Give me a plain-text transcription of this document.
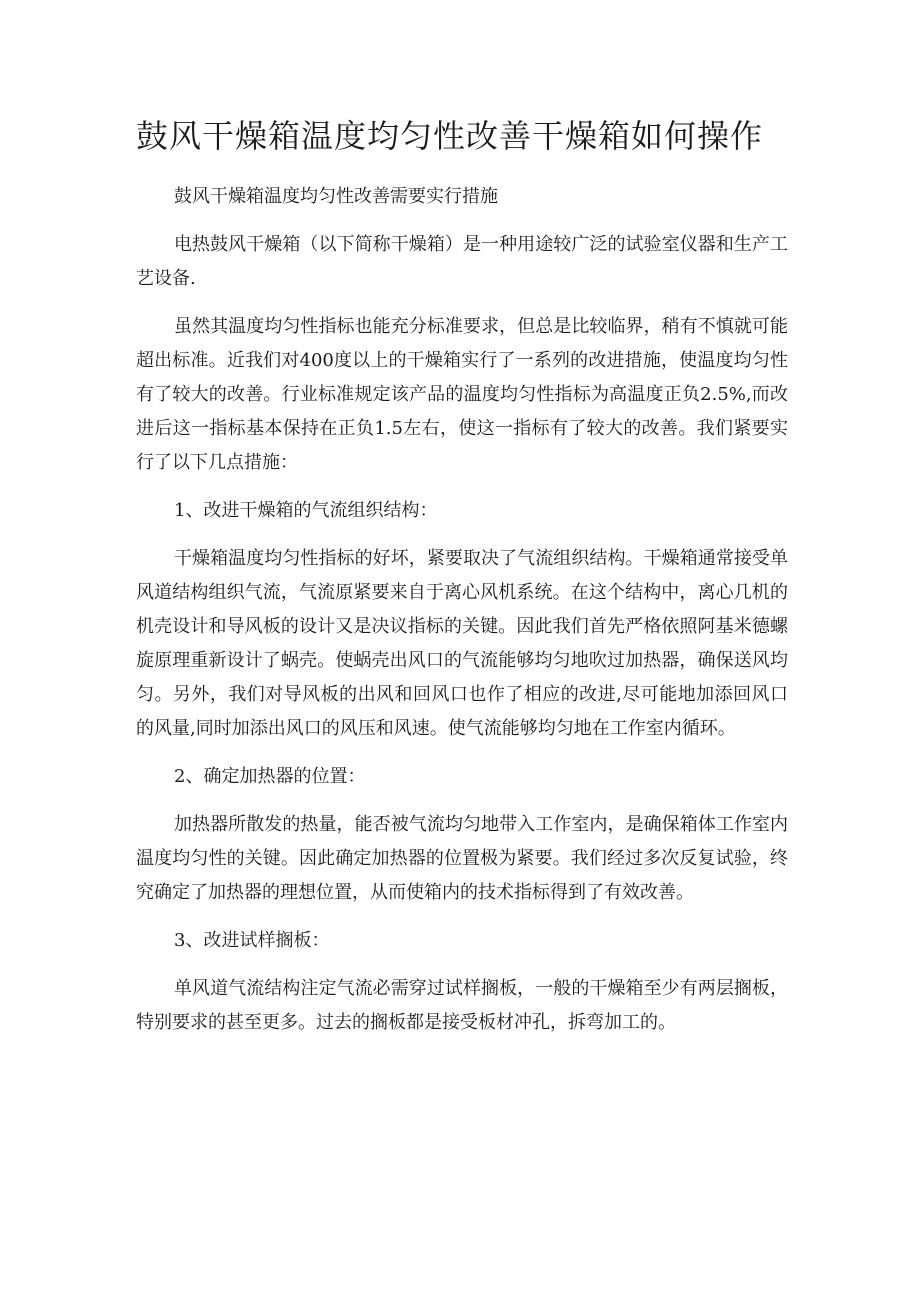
鼓风干燥箱温度均匀性改善干燥箱如何操作

鼓风干燥箱温度均匀性改善需要实行措施

电热鼓风干燥箱（以下简称干燥箱）是一种用途较广泛的试验室仪器和生产工艺设备.

虽然其温度均匀性指标也能充分标准要求，但总是比较临界，稍有不慎就可能超出标准。近我们对400度以上的干燥箱实行了一系列的改进措施，使温度均匀性有了较大的改善。行业标准规定该产品的温度均匀性指标为高温度正负2.5%,而改进后这一指标基本保持在正负1.5左右，使这一指标有了较大的改善。我们紧要实行了以下几点措施：

1、改进干燥箱的气流组织结构：

干燥箱温度均匀性指标的好坏，紧要取决了气流组织结构。干燥箱通常接受单风道结构组织气流，气流原紧要来自于离心风机系统。在这个结构中，离心几机的机壳设计和导风板的设计又是决议指标的关键。因此我们首先严格依照阿基米德螺旋原理重新设计了蜗壳。使蜗壳出风口的气流能够均匀地吹过加热器，确保送风均匀。另外，我们对导风板的出风和回风口也作了相应的改进,尽可能地加添回风口的风量,同时加添出风口的风压和风速。使气流能够均匀地在工作室内循环。

2、确定加热器的位置：

加热器所散发的热量，能否被气流均匀地带入工作室内，是确保箱体工作室内温度均匀性的关键。因此确定加热器的位置极为紧要。我们经过多次反复试验，终究确定了加热器的理想位置，从而使箱内的技术指标得到了有效改善。

3、改进试样搁板：

单风道气流结构注定气流必需穿过试样搁板，一般的干燥箱至少有两层搁板，特别要求的甚至更多。过去的搁板都是接受板材冲孔，拆弯加工的。
